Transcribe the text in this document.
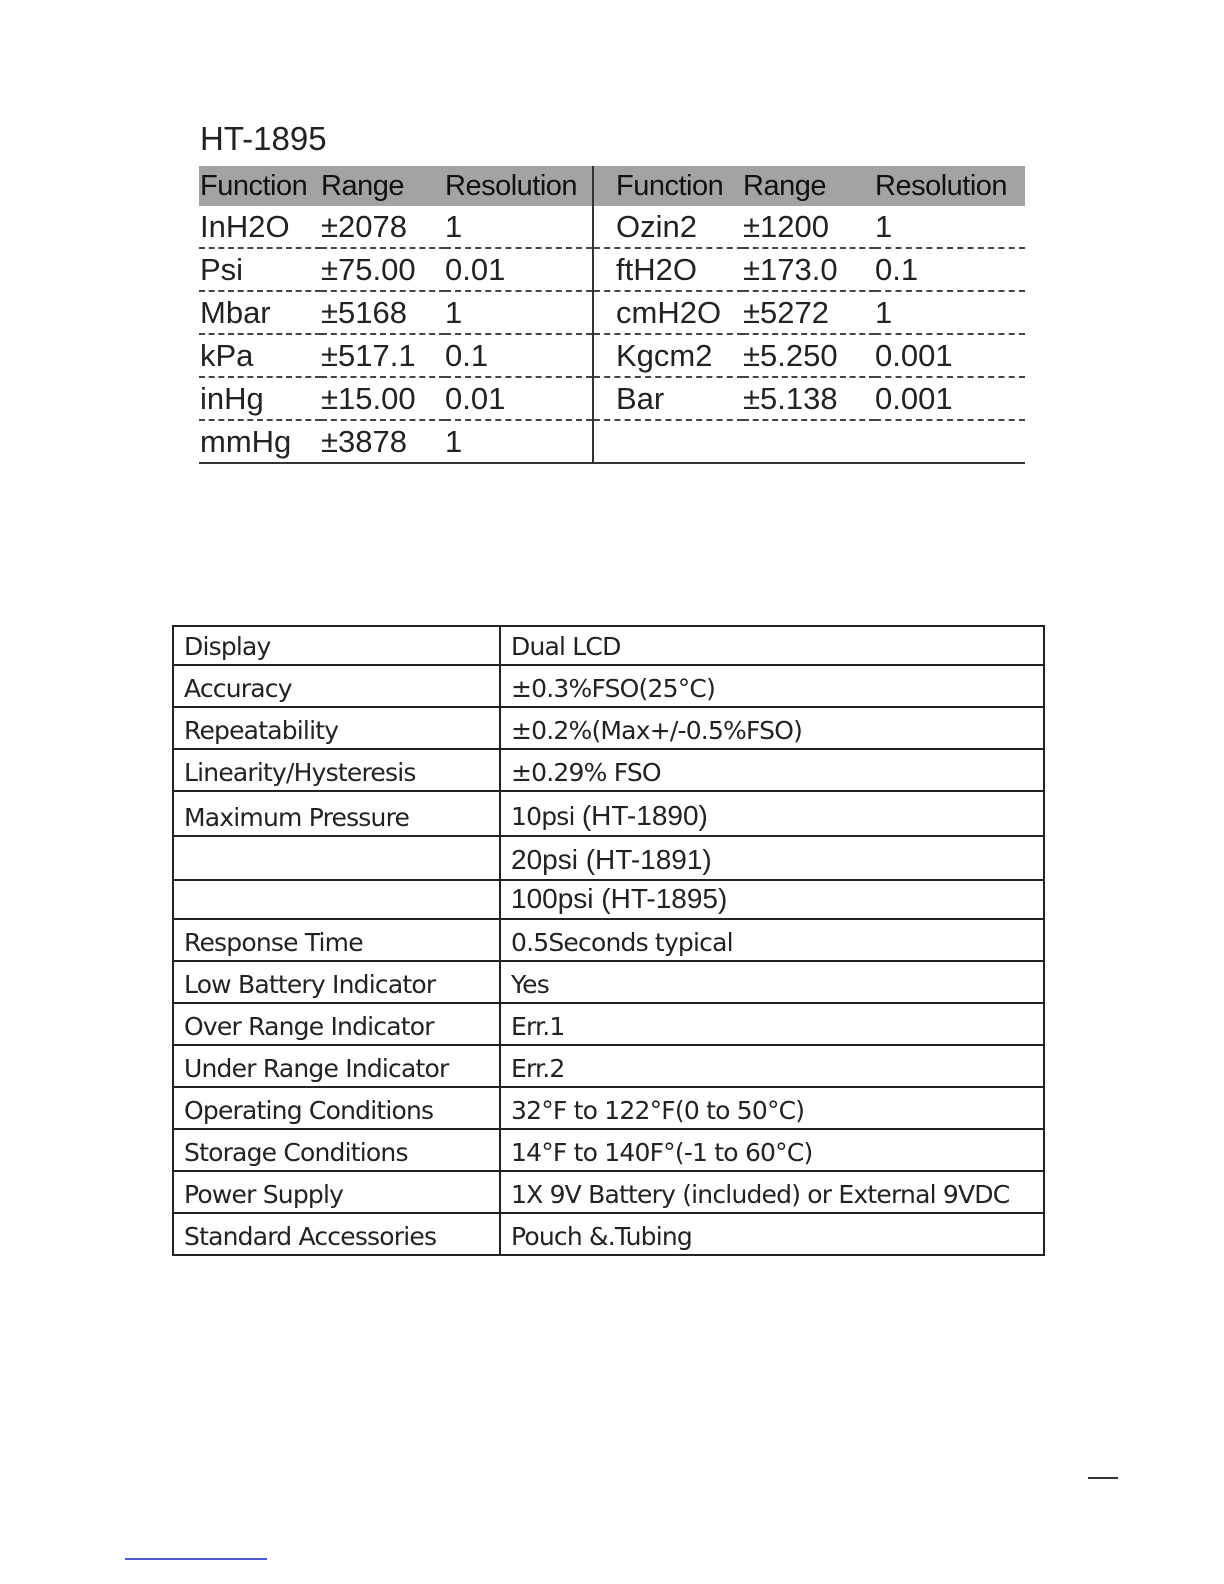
HT-1895
Function	Range	Resolution	Function	Range	Resolution
InH2O	±2078	1	Ozin2	±1200	1
Psi	±75.00	0.01	ftH2O	±173.0	0.1
Mbar	±5168	1	cmH2O	±5272	1
kPa	±517.1	0.1	Kgcm2	±5.250	0.001
inHg	±15.00	0.01	Bar	±5.138	0.001
mmHg	±3878	1			
Display	Dual LCD
Accuracy	±0.3%FSO(25°C)
Repeatability	±0.2%(Max+/-0.5%FSO)
Linearity/Hysteresis	±0.29% FSO
Maximum Pressure	10psi (HT-1890)
	20psi (HT-1891)
	100psi (HT-1895)
Response Time	0.5Seconds typical
Low Battery Indicator	Yes
Over Range Indicator	Err.1
Under Range Indicator	Err.2
Operating Conditions	32°F to 122°F(0 to 50°C)
Storage Conditions	14°F to 140F°(-1 to 60°C)
Power Supply	1X 9V Battery (included) or External 9VDC
Standard Accessories	Pouch &.Tubing
